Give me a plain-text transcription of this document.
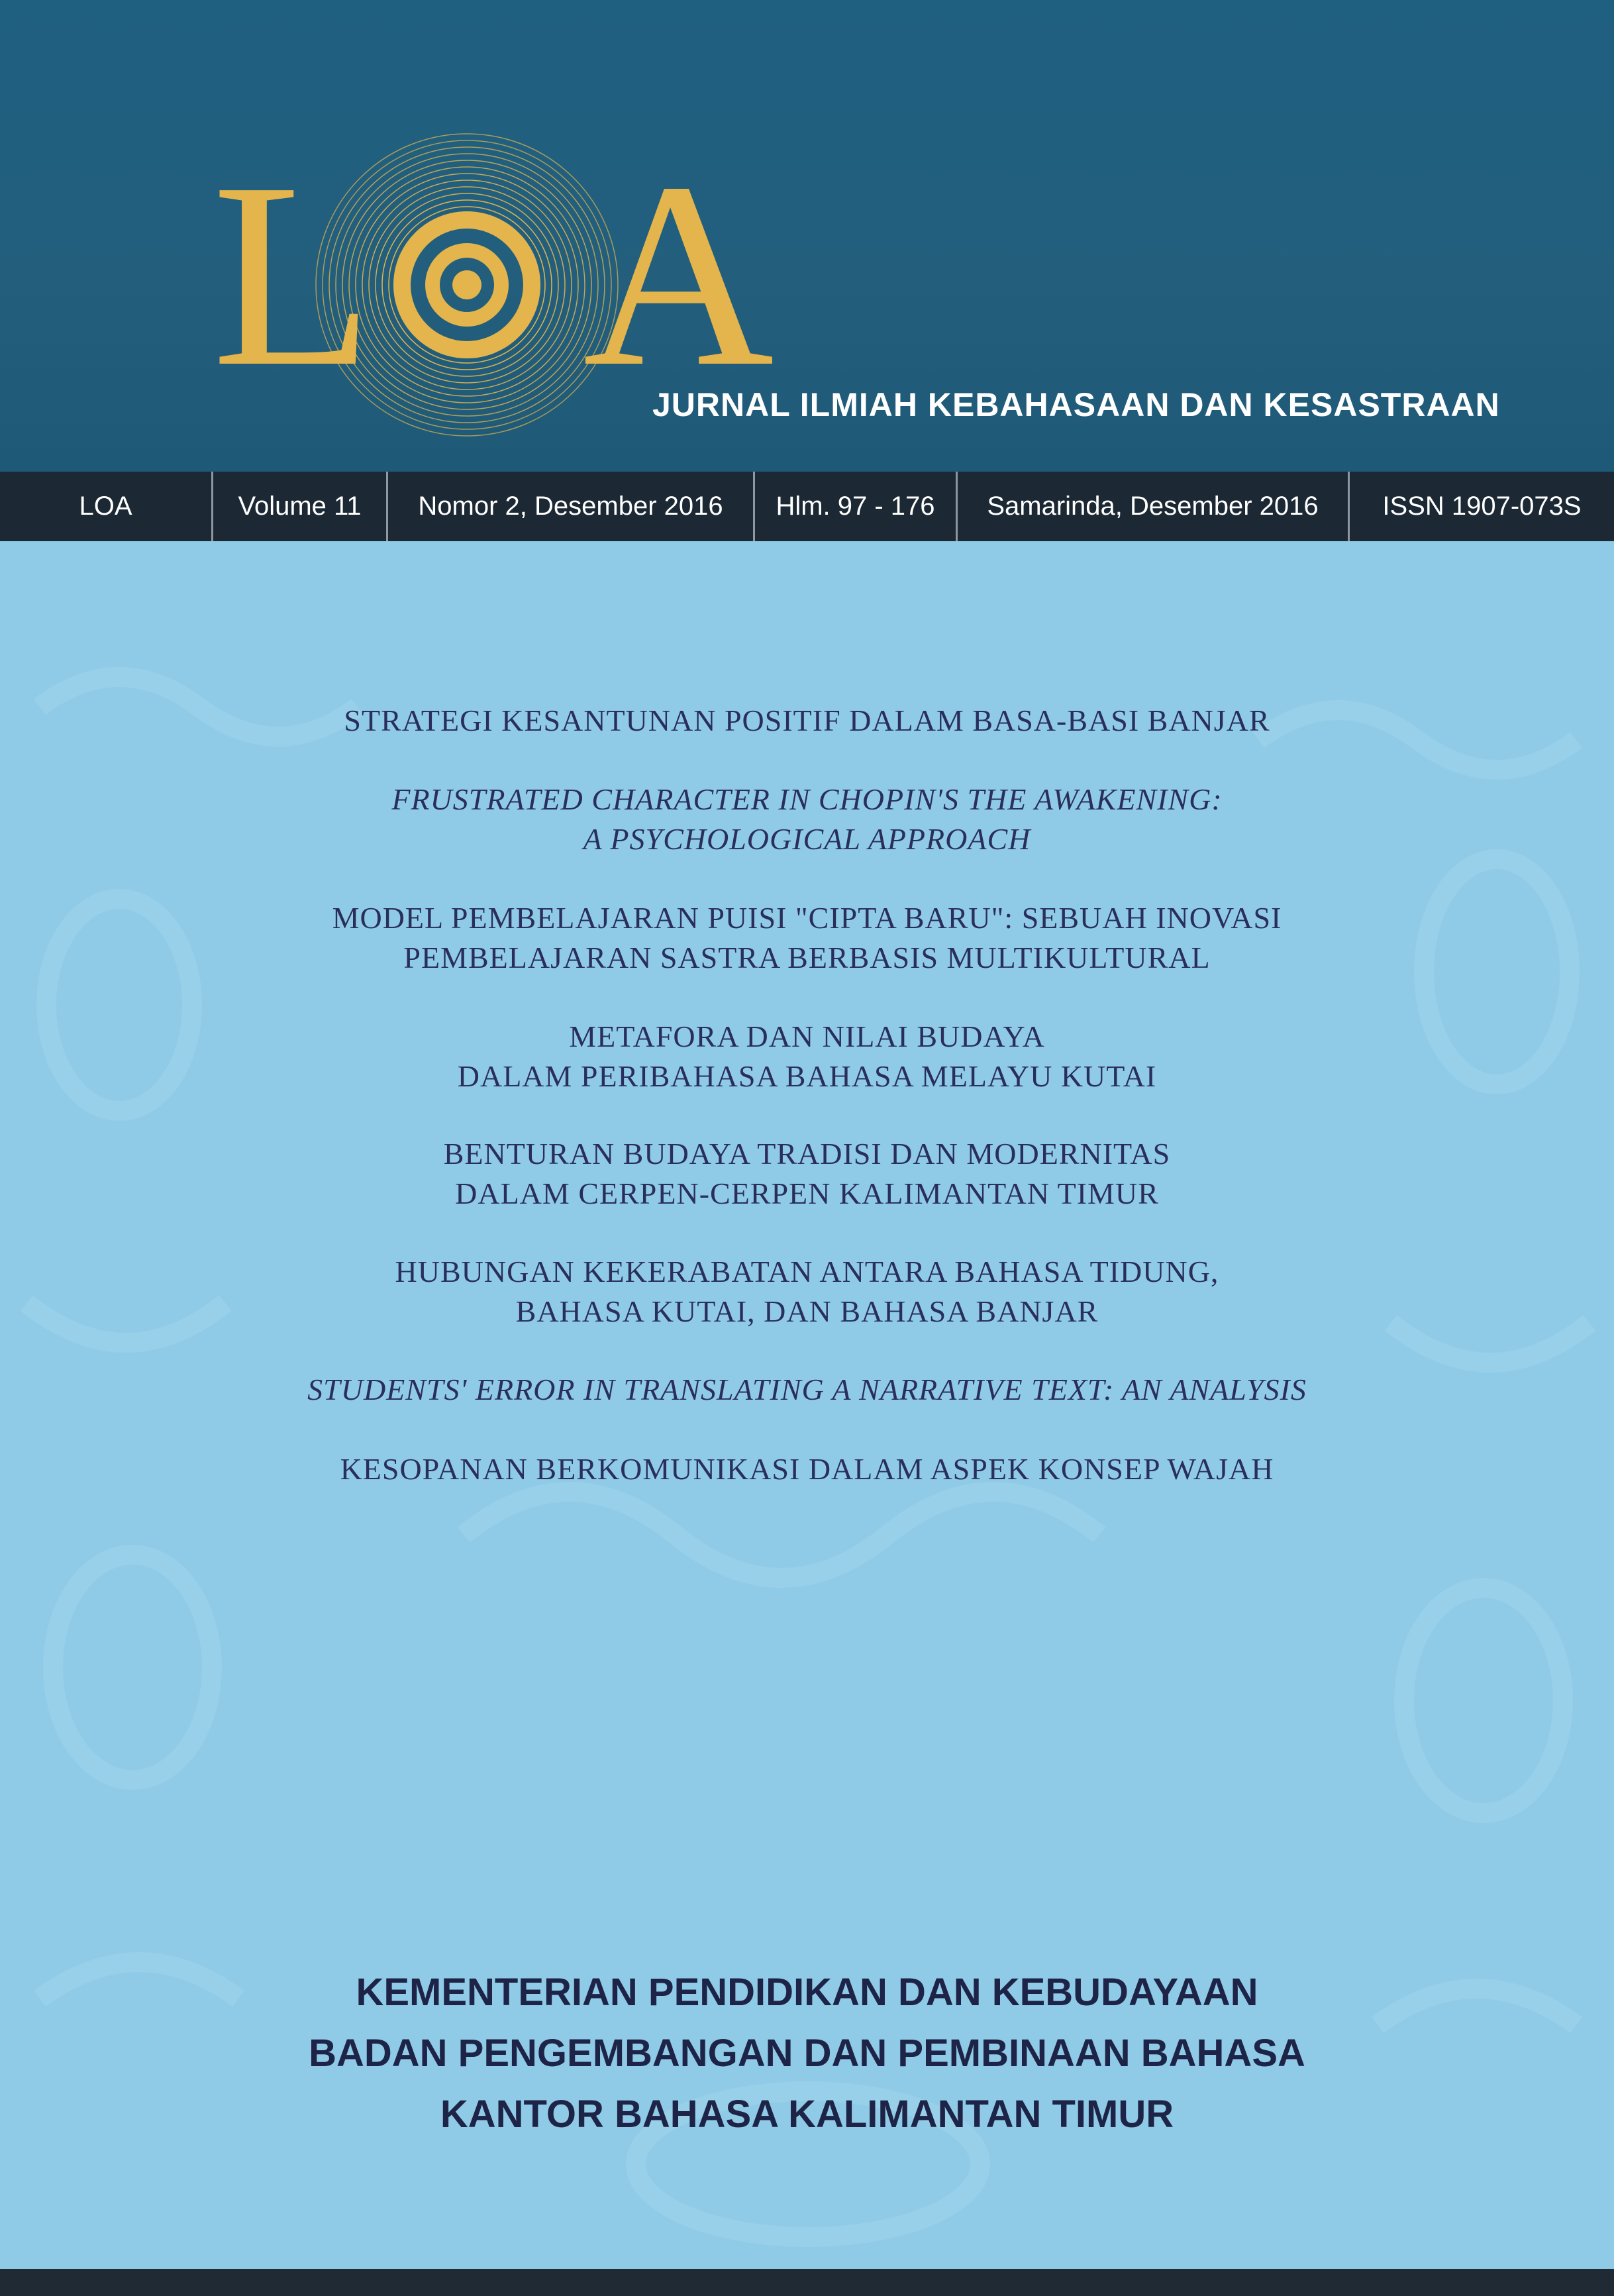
L A
JURNAL ILMIAH KEBAHASAAN DAN KESASTRAAN
LOA	Volume 11	Nomor 2, Desember 2016	Hlm. 97 - 176	Samarinda, Desember 2016	ISSN 1907-073S
STRATEGI KESANTUNAN POSITIF DALAM BASA-BASI BANJAR
FRUSTRATED CHARACTER IN CHOPIN'S THE AWAKENING:
A PSYCHOLOGICAL APPROACH
MODEL PEMBELAJARAN PUISI "CIPTA BARU": SEBUAH INOVASI
PEMBELAJARAN SASTRA BERBASIS MULTIKULTURAL
METAFORA DAN NILAI BUDAYA
DALAM PERIBAHASA BAHASA MELAYU KUTAI
BENTURAN BUDAYA TRADISI DAN MODERNITAS
DALAM CERPEN-CERPEN KALIMANTAN TIMUR
HUBUNGAN KEKERABATAN ANTARA BAHASA TIDUNG,
BAHASA KUTAI, DAN BAHASA BANJAR
STUDENTS' ERROR IN TRANSLATING A NARRATIVE TEXT: AN ANALYSIS
KESOPANAN BERKOMUNIKASI DALAM ASPEK KONSEP WAJAH
KEMENTERIAN PENDIDIKAN DAN KEBUDAYAAN
BADAN PENGEMBANGAN DAN PEMBINAAN BAHASA
KANTOR BAHASA KALIMANTAN TIMUR
